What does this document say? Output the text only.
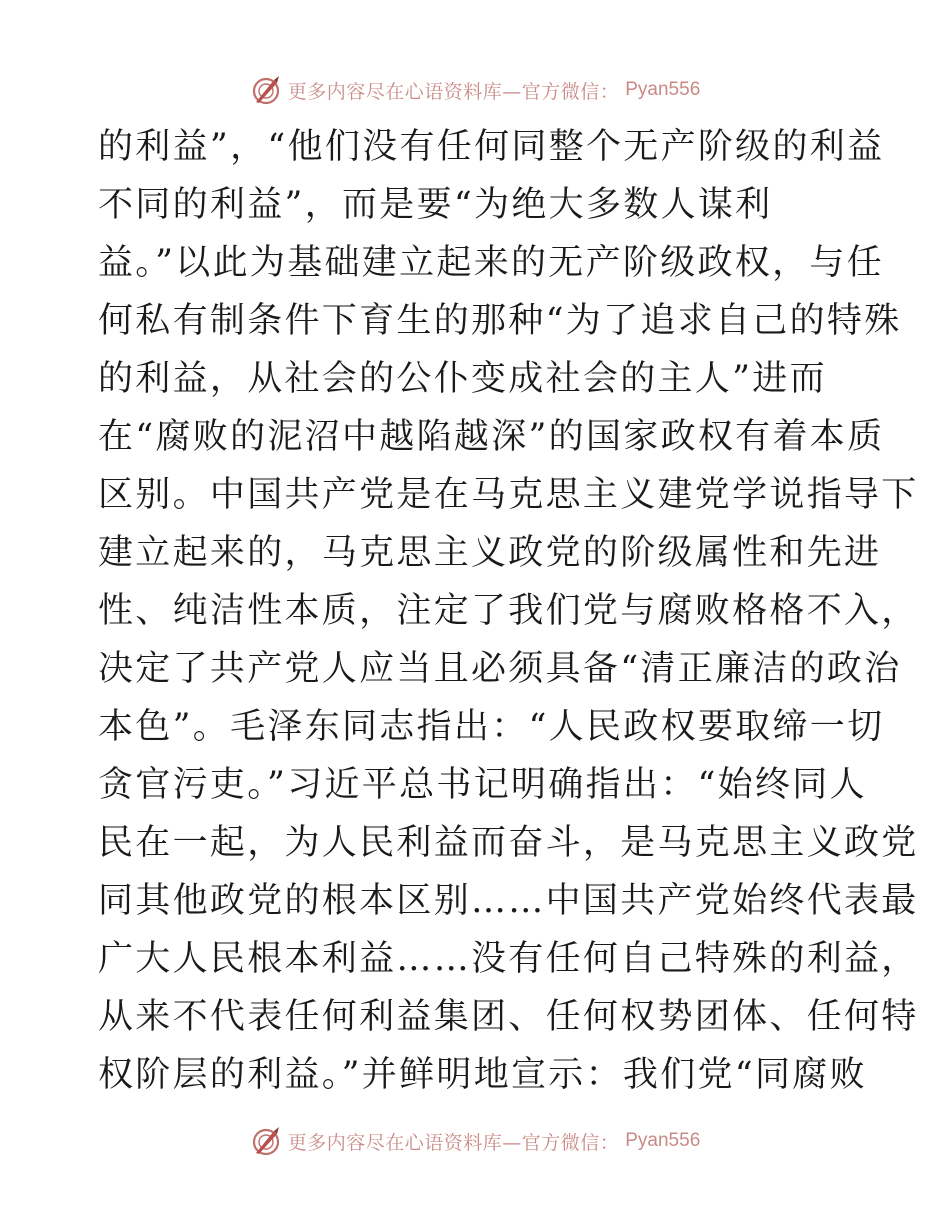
更多内容尽在心语资料库—官方微信： Pyan556
的利益”，“他们没有任何同整个无产阶级的利益
不同的利益”，而是要“为绝大多数人谋利
益。”以此为基础建立起来的无产阶级政权，与任
何私有制条件下育生的那种“为了追求自己的特殊
的利益，从社会的公仆变成社会的主人”进而
在“腐败的泥沼中越陷越深”的国家政权有着本质
区别。中国共产党是在马克思主义建党学说指导下
建立起来的，马克思主义政党的阶级属性和先进
性、纯洁性本质，注定了我们党与腐败格格不入，
决定了共产党人应当且必须具备“清正廉洁的政治
本色”。毛泽东同志指出：“人民政权要取缔一切
贪官污吏。”习近平总书记明确指出：“始终同人
民在一起，为人民利益而奋斗，是马克思主义政党
同其他政党的根本区别……中国共产党始终代表最
广大人民根本利益……没有任何自己特殊的利益，
从来不代表任何利益集团、任何权势团体、任何特
权阶层的利益。”并鲜明地宣示：我们党“同腐败
更多内容尽在心语资料库—官方微信： Pyan556
